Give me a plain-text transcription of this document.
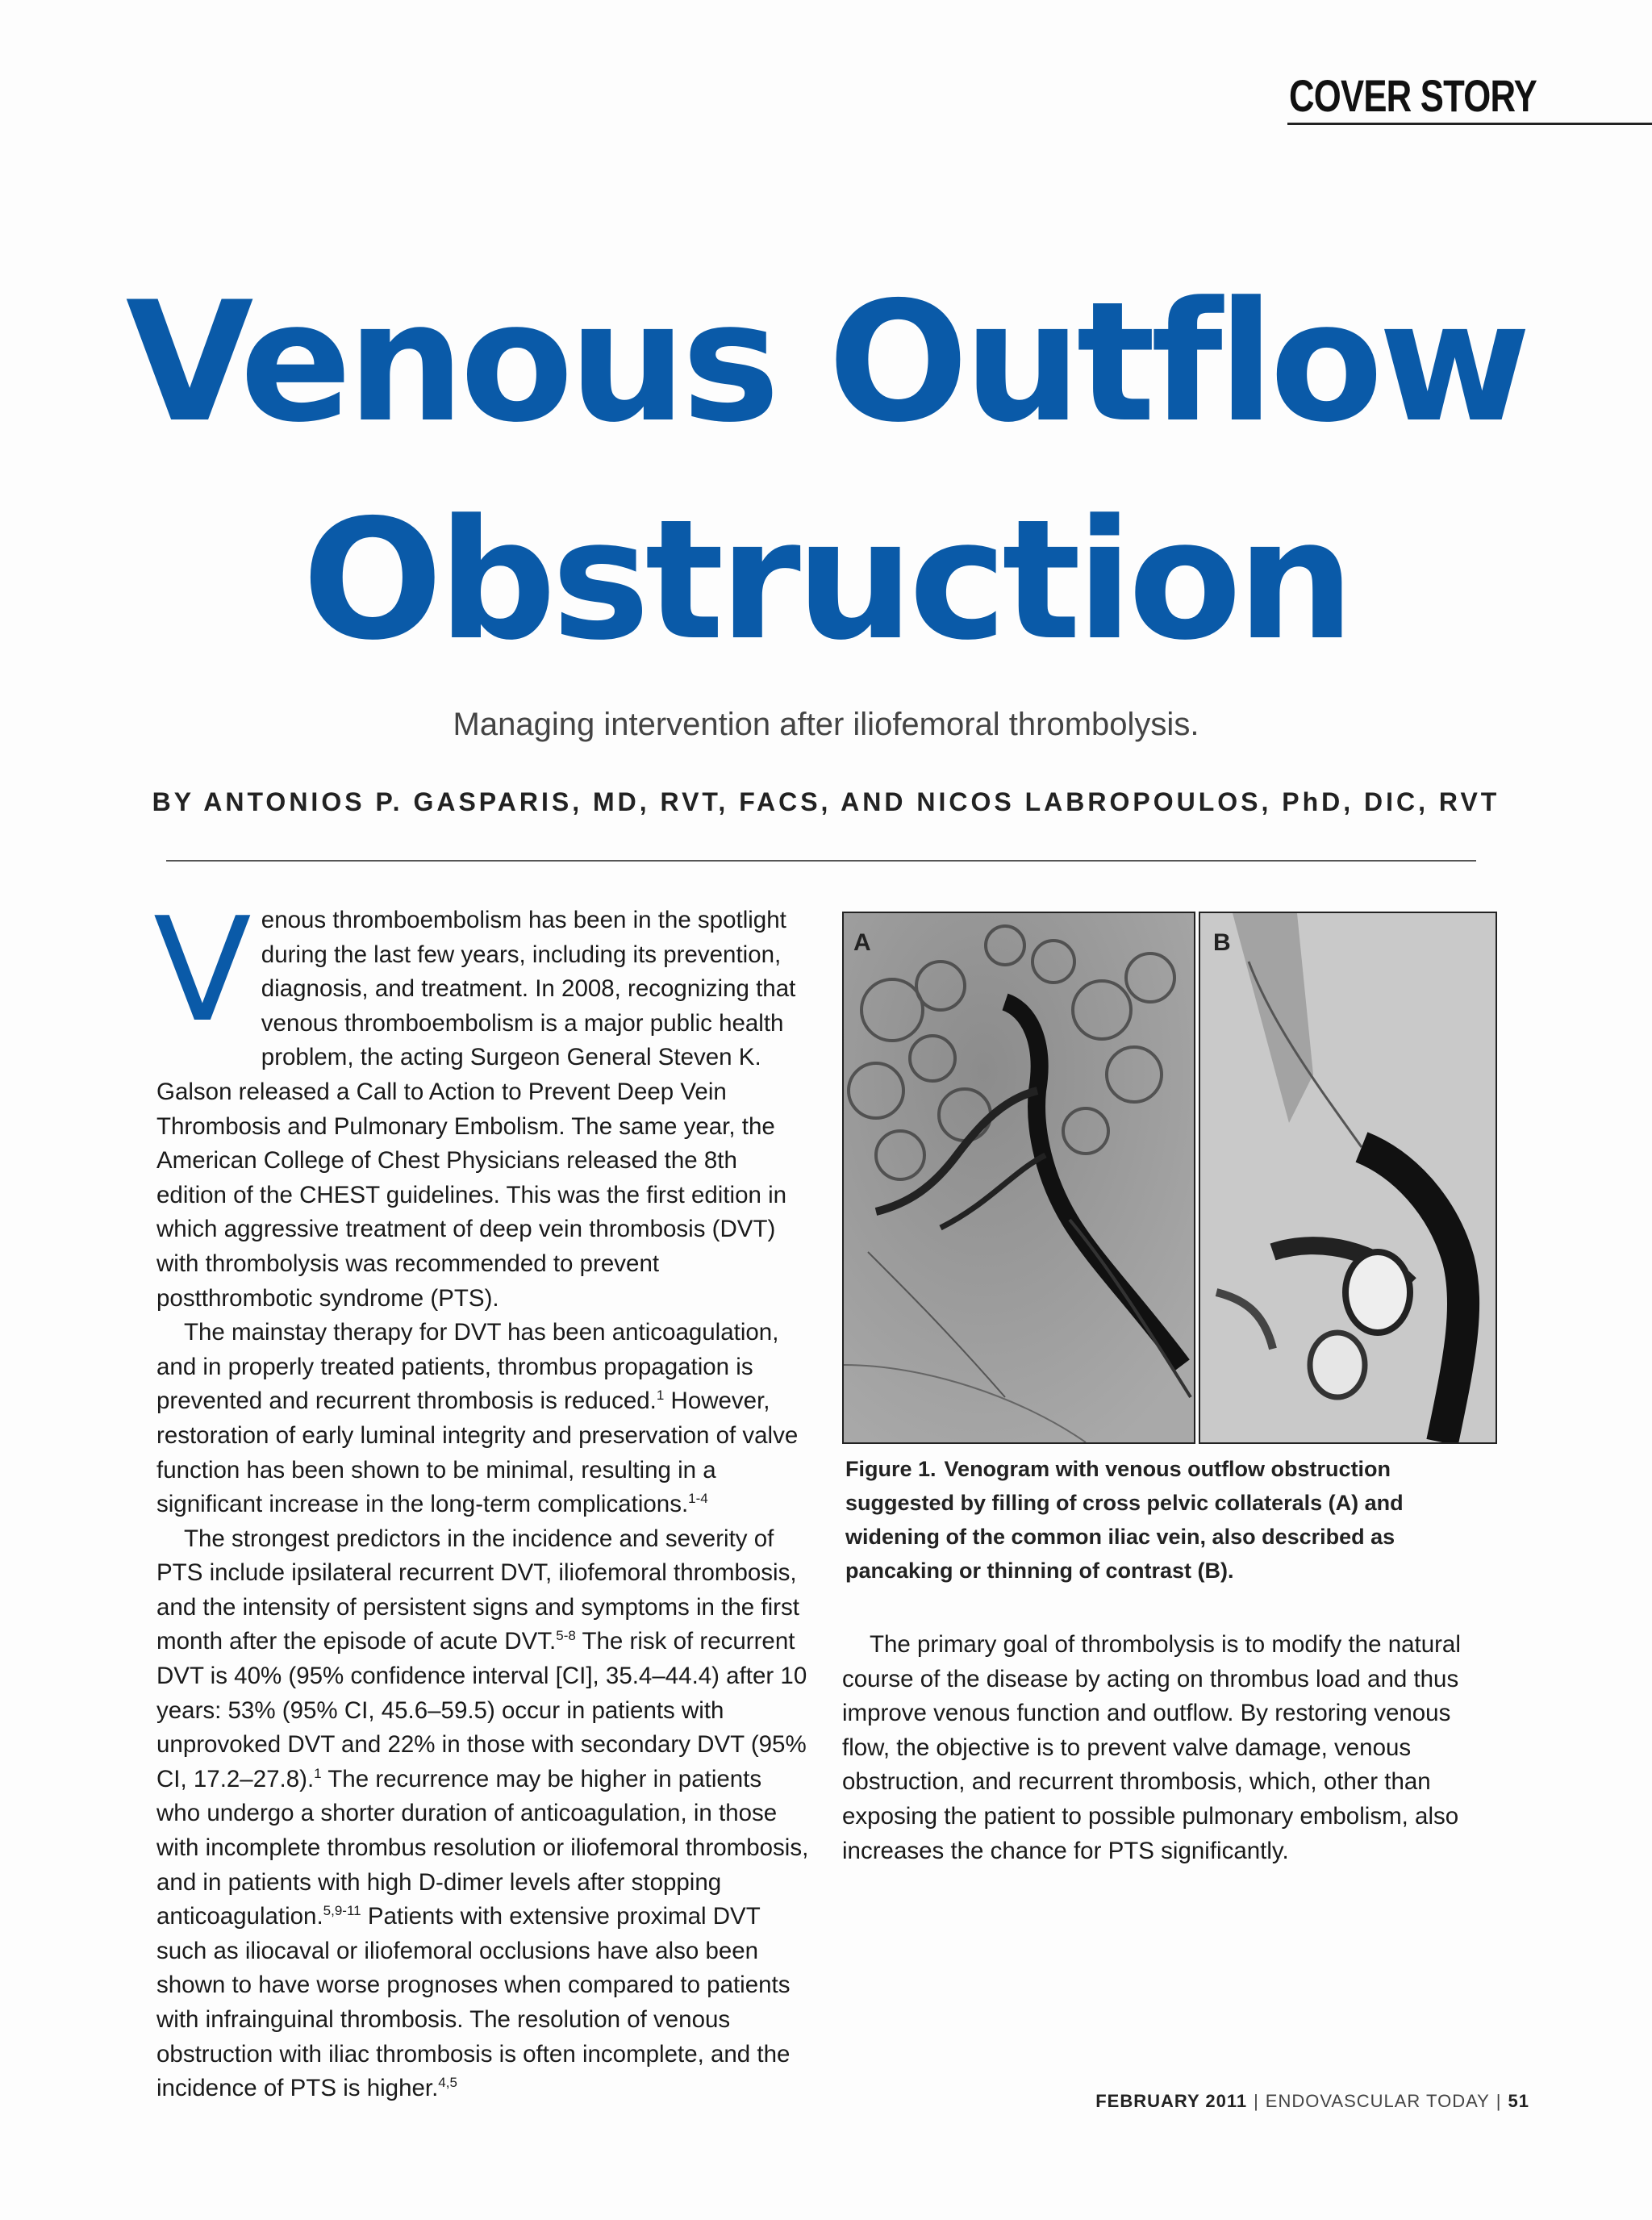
COVER STORY
Venous Outflow
Obstruction
Managing intervention after iliofemoral thrombolysis.
BY ANTONIOS P. GASPARIS, MD, RVT, FACS, AND NICOS LABROPOULOS, PhD, DIC, RVT

Venous thromboembolism has been in the spotlight during the last few years, including its prevention, diagnosis, and treatment. In 2008, recognizing that venous thromboembolism is a major public health problem, the acting Surgeon General Steven K. Galson released a Call to Action to Prevent Deep Vein Thrombosis and Pulmonary Embolism. The same year, the American College of Chest Physicians released the 8th edition of the CHEST guidelines. This was the first edition in which aggressive treatment of deep vein thrombosis (DVT) with thrombolysis was recommended to prevent postthrombotic syndrome (PTS).

The mainstay therapy for DVT has been anticoagulation, and in properly treated patients, thrombus propagation is prevented and recurrent thrombosis is reduced.$^1$ However, restoration of early luminal integrity and preservation of valve function has been shown to be minimal, resulting in a significant increase in the long-term complications.$^{1-4}$

The strongest predictors in the incidence and severity of PTS include ipsilateral recurrent DVT, iliofemoral thrombosis, and the intensity of persistent signs and symptoms in the first month after the episode of acute DVT.$^{5-8}$ The risk of recurrent DVT is 40% (95% confidence interval [CI], 35.4–44.4) after 10 years: 53% (95% CI, 45.6–59.5) occur in patients with unprovoked DVT and 22% in those with secondary DVT (95% CI, 17.2–27.8).$^1$ The recurrence may be higher in patients who undergo a shorter duration of anticoagulation, in those with incomplete thrombus resolution or iliofemoral thrombosis, and in patients with high D-dimer levels after stopping anticoagulation.$^{5,9-11}$ Patients with extensive proximal DVT such as iliocaval or iliofemoral occlusions have also been shown to have worse prognoses when compared to patients with infrainguinal thrombosis. The resolution of venous obstruction with iliac thrombosis is often incomplete, and the incidence of PTS is higher.$^{4,5}$

A	B
Figure 1. Venogram with venous outflow obstruction suggested by filling of cross pelvic collaterals (A) and widening of the common iliac vein, also described as pancaking or thinning of contrast (B).

The primary goal of thrombolysis is to modify the natural course of the disease by acting on thrombus load and thus improve venous function and outflow. By restoring venous flow, the objective is to prevent valve damage, venous obstruction, and recurrent thrombosis, which, other than exposing the patient to possible pulmonary embolism, also increases the chance for PTS significantly.

FEBRUARY 2011 | ENDOVASCULAR TODAY | 51
